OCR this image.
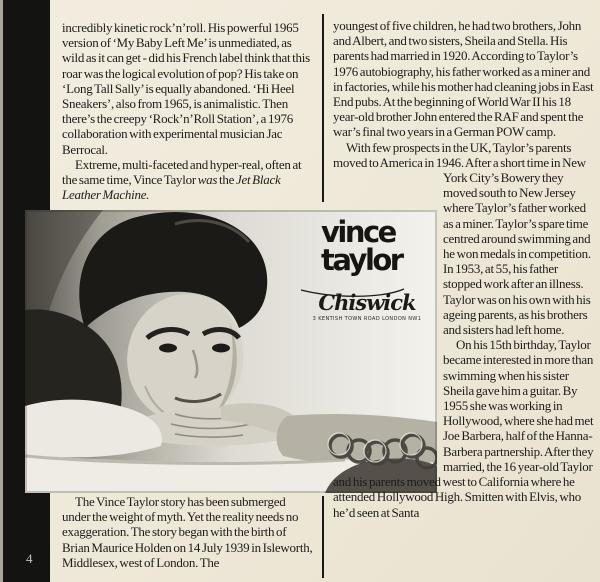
4

incredibly kinetic rock’n’roll. His powerful 1965 version of ‘My Baby Left Me’ is unmediated, as wild as it can get - did his French label think that this roar was the logical evolution of pop? His take on ‘Long Tall Sally’ is equally abandoned. ‘Hi Heel Sneakers’, also from 1965, is animalistic. Then there’s the creepy ‘Rock’n’Roll Station’, a 1976 collaboration with experimental musician Jac Berrocal.

Extreme, multi-faceted and hyper-real, often at the same time, Vince Taylor was the Jet Black Leather Machine.

youngest of five children, he had two brothers, John and Albert, and two sisters, Sheila and Stella. His parents had married in 1920. According to Taylor’s 1976 autobiography, his father worked as a miner and in factories, while his mother had cleaning jobs in East End pubs. At the beginning of World War II his 18 year-old brother John entered the RAF and spent the war’s final two years in a German POW camp.

With few prospects in the UK, Taylor’s parents moved to America in 1946. After a short time in New York City’s Bowery they
moved south to New Jersey where Taylor’s father worked as a miner. Taylor’s spare time centred around swimming and he won medals in competition. In 1953, at 55, his father stopped work after an illness. Taylor was on his own with his ageing parents, as his brothers and sisters had left home.

On his 15th birthday, Taylor became interested in more than swimming when his sister Sheila gave him a guitar. By 1955 she was working in Hollywood, where she had met Joe Barbera, half of the Hanna-Barbera partnership. After they married, the 16 year-old Taylor and his parents moved west to California where he attended Hollywood High. Smitten with Elvis, who he’d seen at Santa

The Vince Taylor story has been submerged under the weight of myth. Yet the reality needs no exaggeration. The story began with the birth of Brian Maurice Holden on 14 July 1939 in Isleworth, Middlesex, west of London. The

vince
taylor
Chiswick
3 KENTISH TOWN ROAD LONDON NW1
